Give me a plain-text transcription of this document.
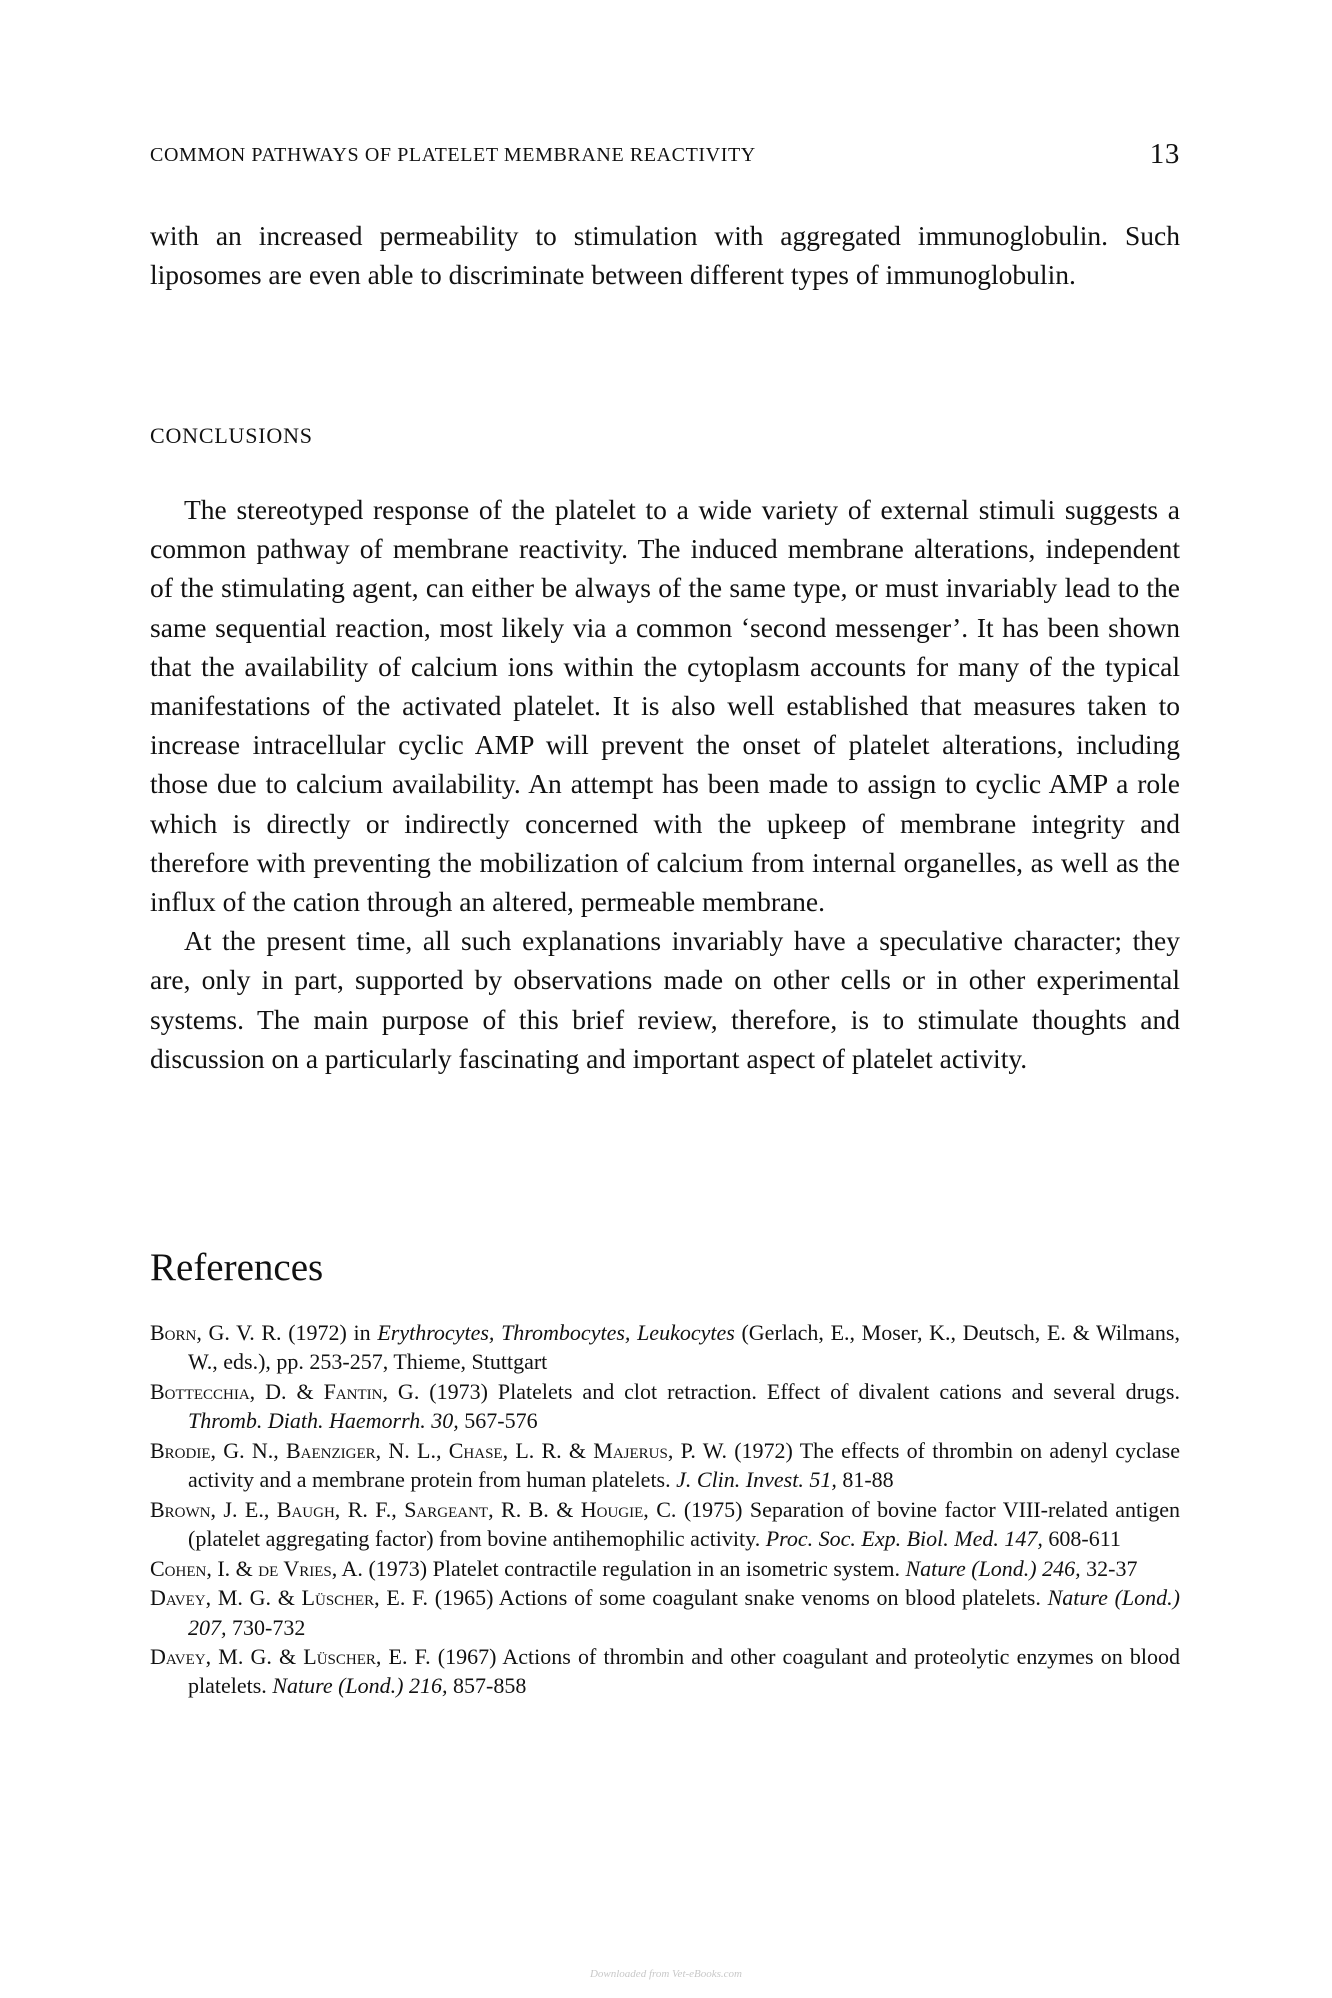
COMMON PATHWAYS OF PLATELET MEMBRANE REACTIVITY	13

with an increased permeability to stimulation with aggregated immunoglobulin. Such liposomes are even able to discriminate between different types of immunoglobulin.

CONCLUSIONS

The stereotyped response of the platelet to a wide variety of external stimuli suggests a common pathway of membrane reactivity. The induced membrane alterations, independent of the stimulating agent, can either be always of the same type, or must invariably lead to the same sequential reaction, most likely via a common ‘second messenger’. It has been shown that the availability of calcium ions within the cytoplasm accounts for many of the typical manifestations of the activated platelet. It is also well established that measures taken to increase intracellular cyclic AMP will prevent the onset of platelet alterations, including those due to calcium availability. An attempt has been made to assign to cyclic AMP a role which is directly or indirectly concerned with the upkeep of membrane integrity and therefore with preventing the mobilization of calcium from internal organelles, as well as the influx of the cation through an altered, permeable membrane.

At the present time, all such explanations invariably have a speculative character; they are, only in part, supported by observations made on other cells or in other experimental systems. The main purpose of this brief review, therefore, is to stimulate thoughts and discussion on a particularly fascinating and important aspect of platelet activity.

References
Born, G. V. R. (1972) in Erythrocytes, Thrombocytes, Leukocytes (Gerlach, E., Moser, K., Deutsch, E. & Wilmans, W., eds.), pp. 253-257, Thieme, Stuttgart
Bottecchia, D. & Fantin, G. (1973) Platelets and clot retraction. Effect of divalent cations and several drugs. Thromb. Diath. Haemorrh. 30, 567-576
Brodie, G. N., Baenziger, N. L., Chase, L. R. & Majerus, P. W. (1972) The effects of thrombin on adenyl cyclase activity and a membrane protein from human platelets. J. Clin. Invest. 51, 81-88
Brown, J. E., Baugh, R. F., Sargeant, R. B. & Hougie, C. (1975) Separation of bovine factor VIII-related antigen (platelet aggregating factor) from bovine antihemophilic activity. Proc. Soc. Exp. Biol. Med. 147, 608-611
Cohen, I. & de Vries, A. (1973) Platelet contractile regulation in an isometric system. Nature (Lond.) 246, 32-37
Davey, M. G. & Lüscher, E. F. (1965) Actions of some coagulant snake venoms on blood platelets. Nature (Lond.) 207, 730-732
Davey, M. G. & Lüscher, E. F. (1967) Actions of thrombin and other coagulant and proteolytic enzymes on blood platelets. Nature (Lond.) 216, 857-858
Downloaded from Vet-eBooks.com
